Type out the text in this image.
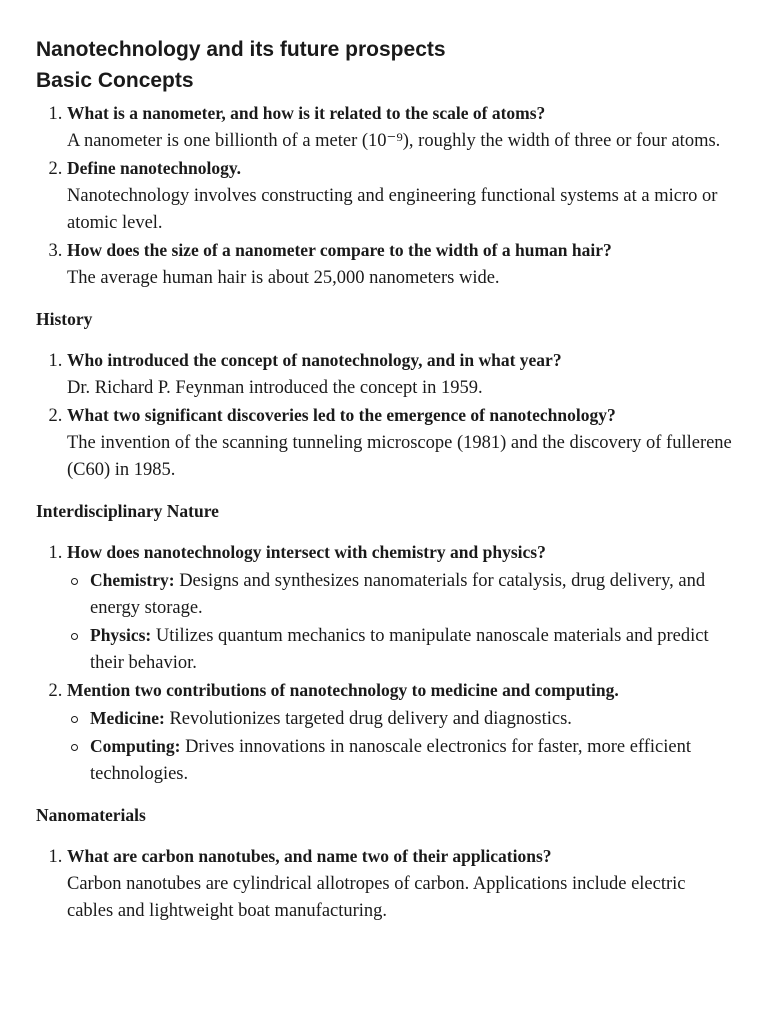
Nanotechnology and its future prospects
Basic Concepts
1. What is a nanometer, and how is it related to the scale of atoms?
A nanometer is one billionth of a meter (10⁻⁹), roughly the width of three or four atoms.
2. Define nanotechnology.
Nanotechnology involves constructing and engineering functional systems at a micro or atomic level.
3. How does the size of a nanometer compare to the width of a human hair?
The average human hair is about 25,000 nanometers wide.

History

1. Who introduced the concept of nanotechnology, and in what year?
Dr. Richard P. Feynman introduced the concept in 1959.
2. What two significant discoveries led to the emergence of nanotechnology?
The invention of the scanning tunneling microscope (1981) and the discovery of fullerene (C60) in 1985.

Interdisciplinary Nature

1. How does nanotechnology intersect with chemistry and physics?
Chemistry: Designs and synthesizes nanomaterials for catalysis, drug delivery, and energy storage.
Physics: Utilizes quantum mechanics to manipulate nanoscale materials and predict their behavior.
2. Mention two contributions of nanotechnology to medicine and computing.
Medicine: Revolutionizes targeted drug delivery and diagnostics.
Computing: Drives innovations in nanoscale electronics for faster, more efficient technologies.

Nanomaterials

1. What are carbon nanotubes, and name two of their applications?
Carbon nanotubes are cylindrical allotropes of carbon. Applications include electric cables and lightweight boat manufacturing.
